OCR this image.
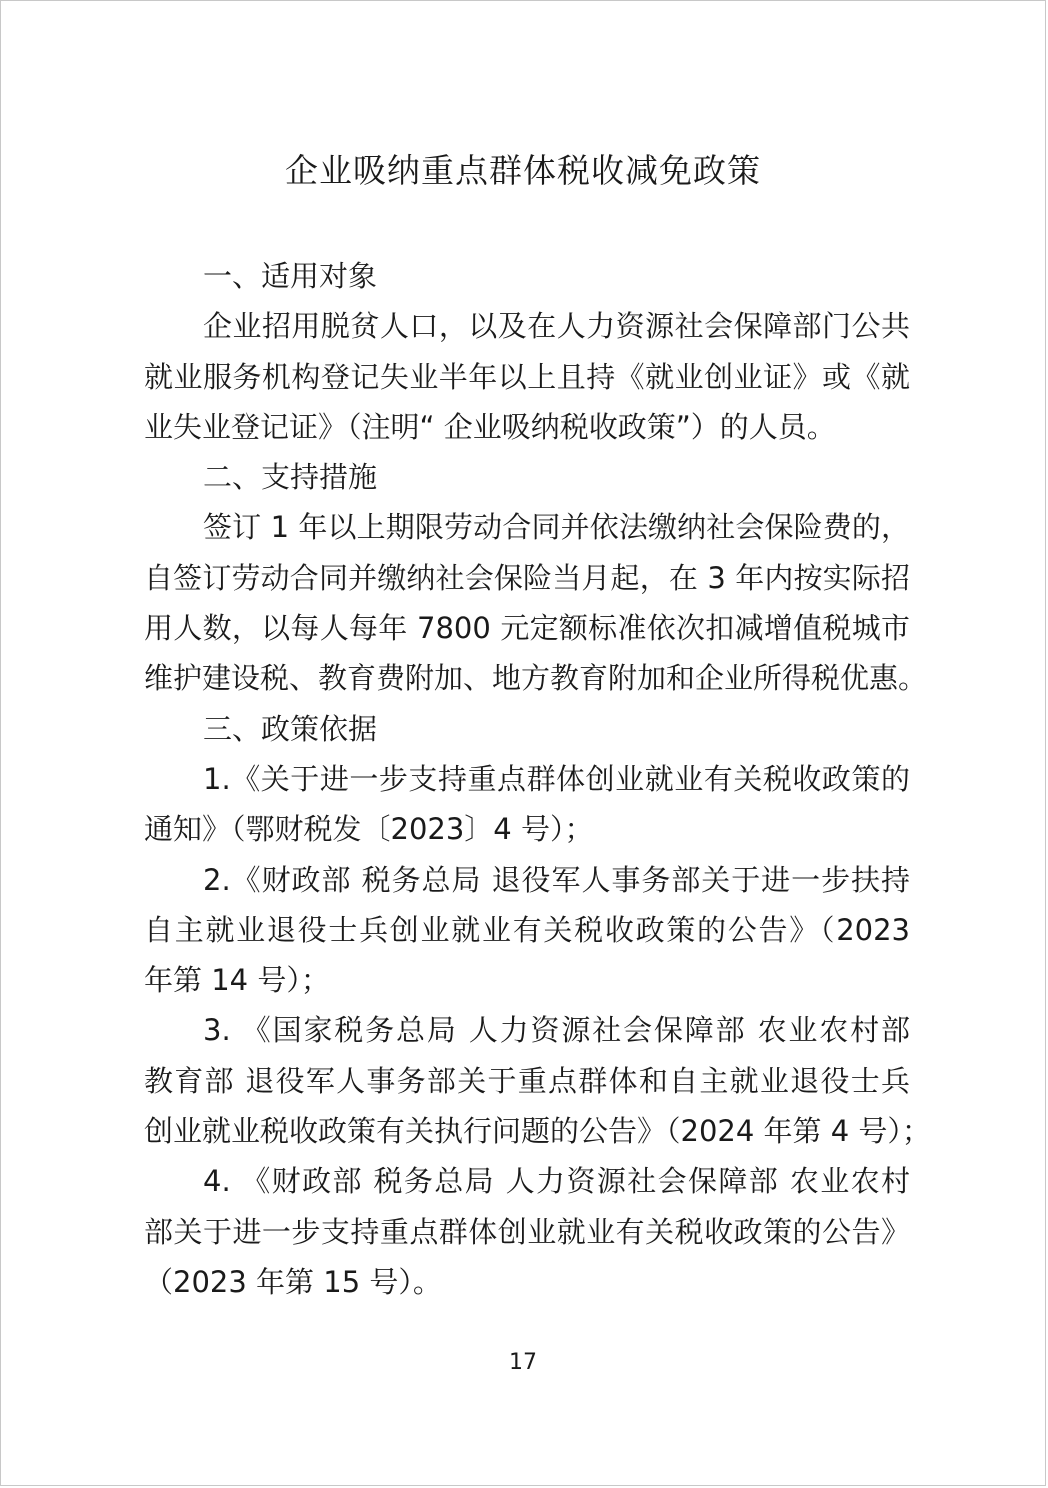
企业吸纳重点群体税收减免政策
一、适用对象
企业招用脱贫人口，以及在人力资源社会保障部门公共
就业服务机构登记失业半年以上且持《就业创业证》或《就
业失业登记证》（注明“ 企业吸纳税收政策”）的人员。
二、支持措施
签订 1 年以上期限劳动合同并依法缴纳社会保险费的，
自签订劳动合同并缴纳社会保险当月起，在 3 年内按实际招
用人数，以每人每年 7800 元定额标准依次扣减增值税城市
维护建设税、教育费附加、地方教育附加和企业所得税优惠。
三、政策依据
1.《关于进一步支持重点群体创业就业有关税收政策的
通知》（鄂财税发〔2023〕4 号）；
2.《财政部 税务总局 退役军人事务部关于进一步扶持
自主就业退役士兵创业就业有关税收政策的公告》（2023
年第 14 号）；
3. 《国家税务总局 人力资源社会保障部 农业农村部
教育部 退役军人事务部关于重点群体和自主就业退役士兵
创业就业税收政策有关执行问题的公告》（2024 年第 4 号）；
4. 《财政部 税务总局 人力资源社会保障部 农业农村
部关于进一步支持重点群体创业就业有关税收政策的公告》
（2023 年第 15 号）。
17
